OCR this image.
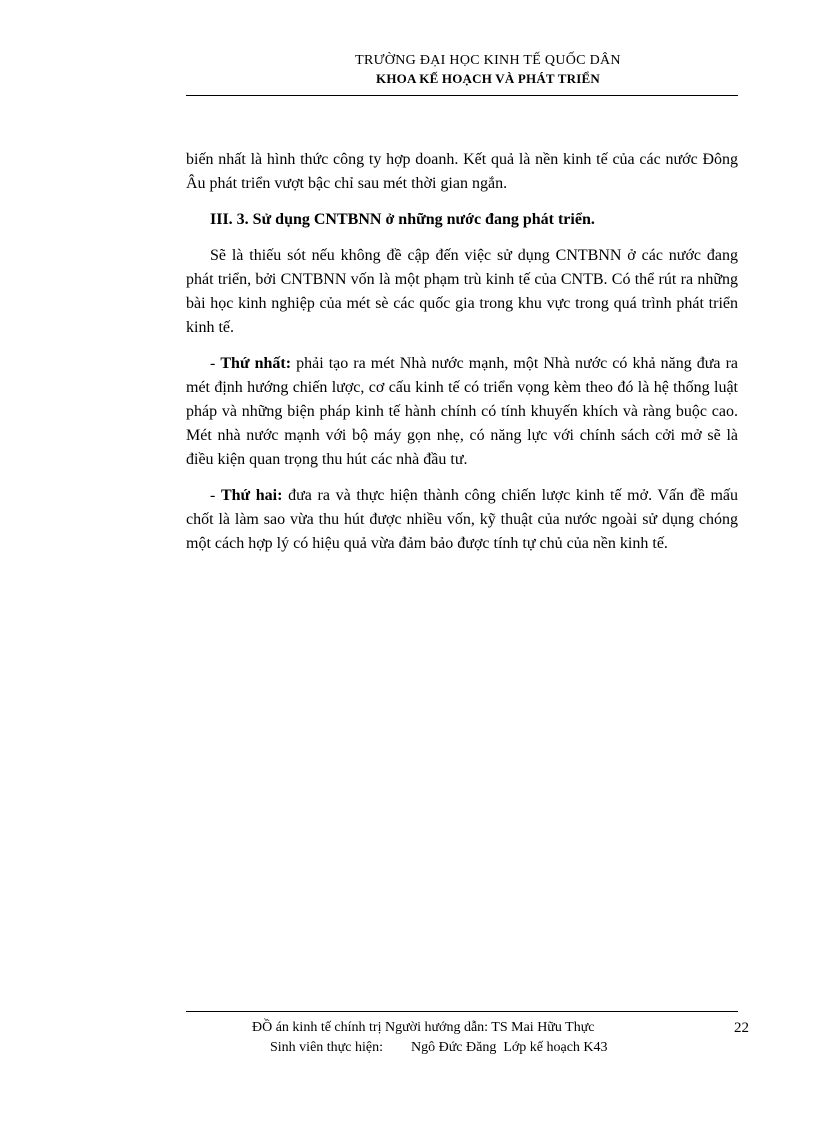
TRƯỜNG ĐẠI HỌC KINH TẾ QUỐC DÂN
KHOA KẾ HOẠCH VÀ PHÁT TRIỂN

biến nhất là hình thức công ty hợp doanh. Kết quả là nền kinh tế của các nước Đông Âu phát triển vượt bậc chỉ sau mét thời gian ngắn.

III. 3. Sử dụng CNTBNN ở những nước đang phát triển.

Sẽ là thiếu sót nếu không đề cập đến việc sử dụng CNTBNN ở các nước đang phát triển, bởi CNTBNN vốn là một phạm trù kinh tế của CNTB. Có thể rút ra những bài học kinh nghiệp của mét sè các quốc gia trong khu vực trong quá trình phát triển kinh tế.

- Thứ nhất: phải tạo ra mét Nhà nước mạnh, một Nhà nước có khả năng đưa ra mét định hướng chiến lược, cơ cấu kinh tế có triển vọng kèm theo đó là hệ thống luật pháp và những biện pháp kinh tế hành chính có tính khuyến khích và ràng buộc cao. Mét nhà nước mạnh với bộ máy gọn nhẹ, có năng lực với chính sách cởi mở sẽ là điều kiện quan trọng thu hút các nhà đầu tư.

- Thứ hai: đưa ra và thực hiện thành công chiến lược kinh tế mở. Vấn đề mấu chốt là làm sao vừa thu hút được nhiều vốn, kỹ thuật của nước ngoài sử dụng chóng một cách hợp lý có hiệu quả vừa đảm bảo được tính tự chủ của nền kinh tế.

ĐỒ án kinh tế chính trị Người hướng dẫn: TS Mai Hữu Thực
Sinh viên thực hiện: Ngô Đức Đăng Lớp kế hoạch K43
22
